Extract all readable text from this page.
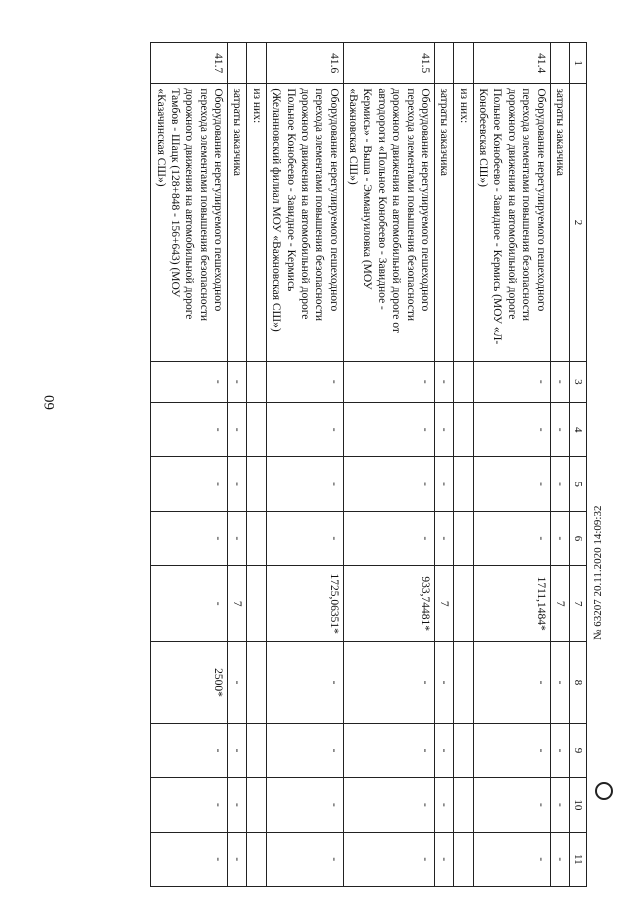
60
1	2	3	4	5	6	7	8	9	10	11
	затраты заказчика	-	-	-	-	7	-	-	-	-
41.4	Оборудование нерегулируемого пешеходного перехода элементами повышения безопасности дорожного движения на автомобильной дороге Польное Конобеево - Завидное - Кермись (МОУ «Л-Конобеевская СШ»)	-	-	-	-	1711,1484*	-	-	-	-
	из них:									
	затраты заказчика	-	-	-	-	7	-	-	-	-
41.5	Оборудование нерегулируемого пешеходного перехода элементами повышения безопасности дорожного движения на автомобильной дороге от автодороги «Польное Конобеево - Завидное - Кермись» - Вышa - Эммануиловка (МОУ «Важновская СШ»)	-	-	-	-	933,74481*	-	-	-	-
41.6	Оборудование нерегулируемого пешеходного перехода элементами повышения безопасности дорожного движения на автомобильной дороге Польное Конобеево - Завидное - Кермись (Желанновский филиал МОУ «Важновская СШ»)	-	-	-	-	1725,06351*	-	-	-	-
	из них:									
	затраты заказчика	-	-	-	-	7	-	-	-	-
41.7	Оборудование нерегулируемого пешеходного перехода элементами повышения безопасности дорожного движения на автомобильной дороге Тамбов - Шацк (128+848 - 156+643) (МОУ «Казачинская СШ»)	-	-	-	-	-	2500*	-	-	-
№ 63207 20.11.2020 14:09:32
